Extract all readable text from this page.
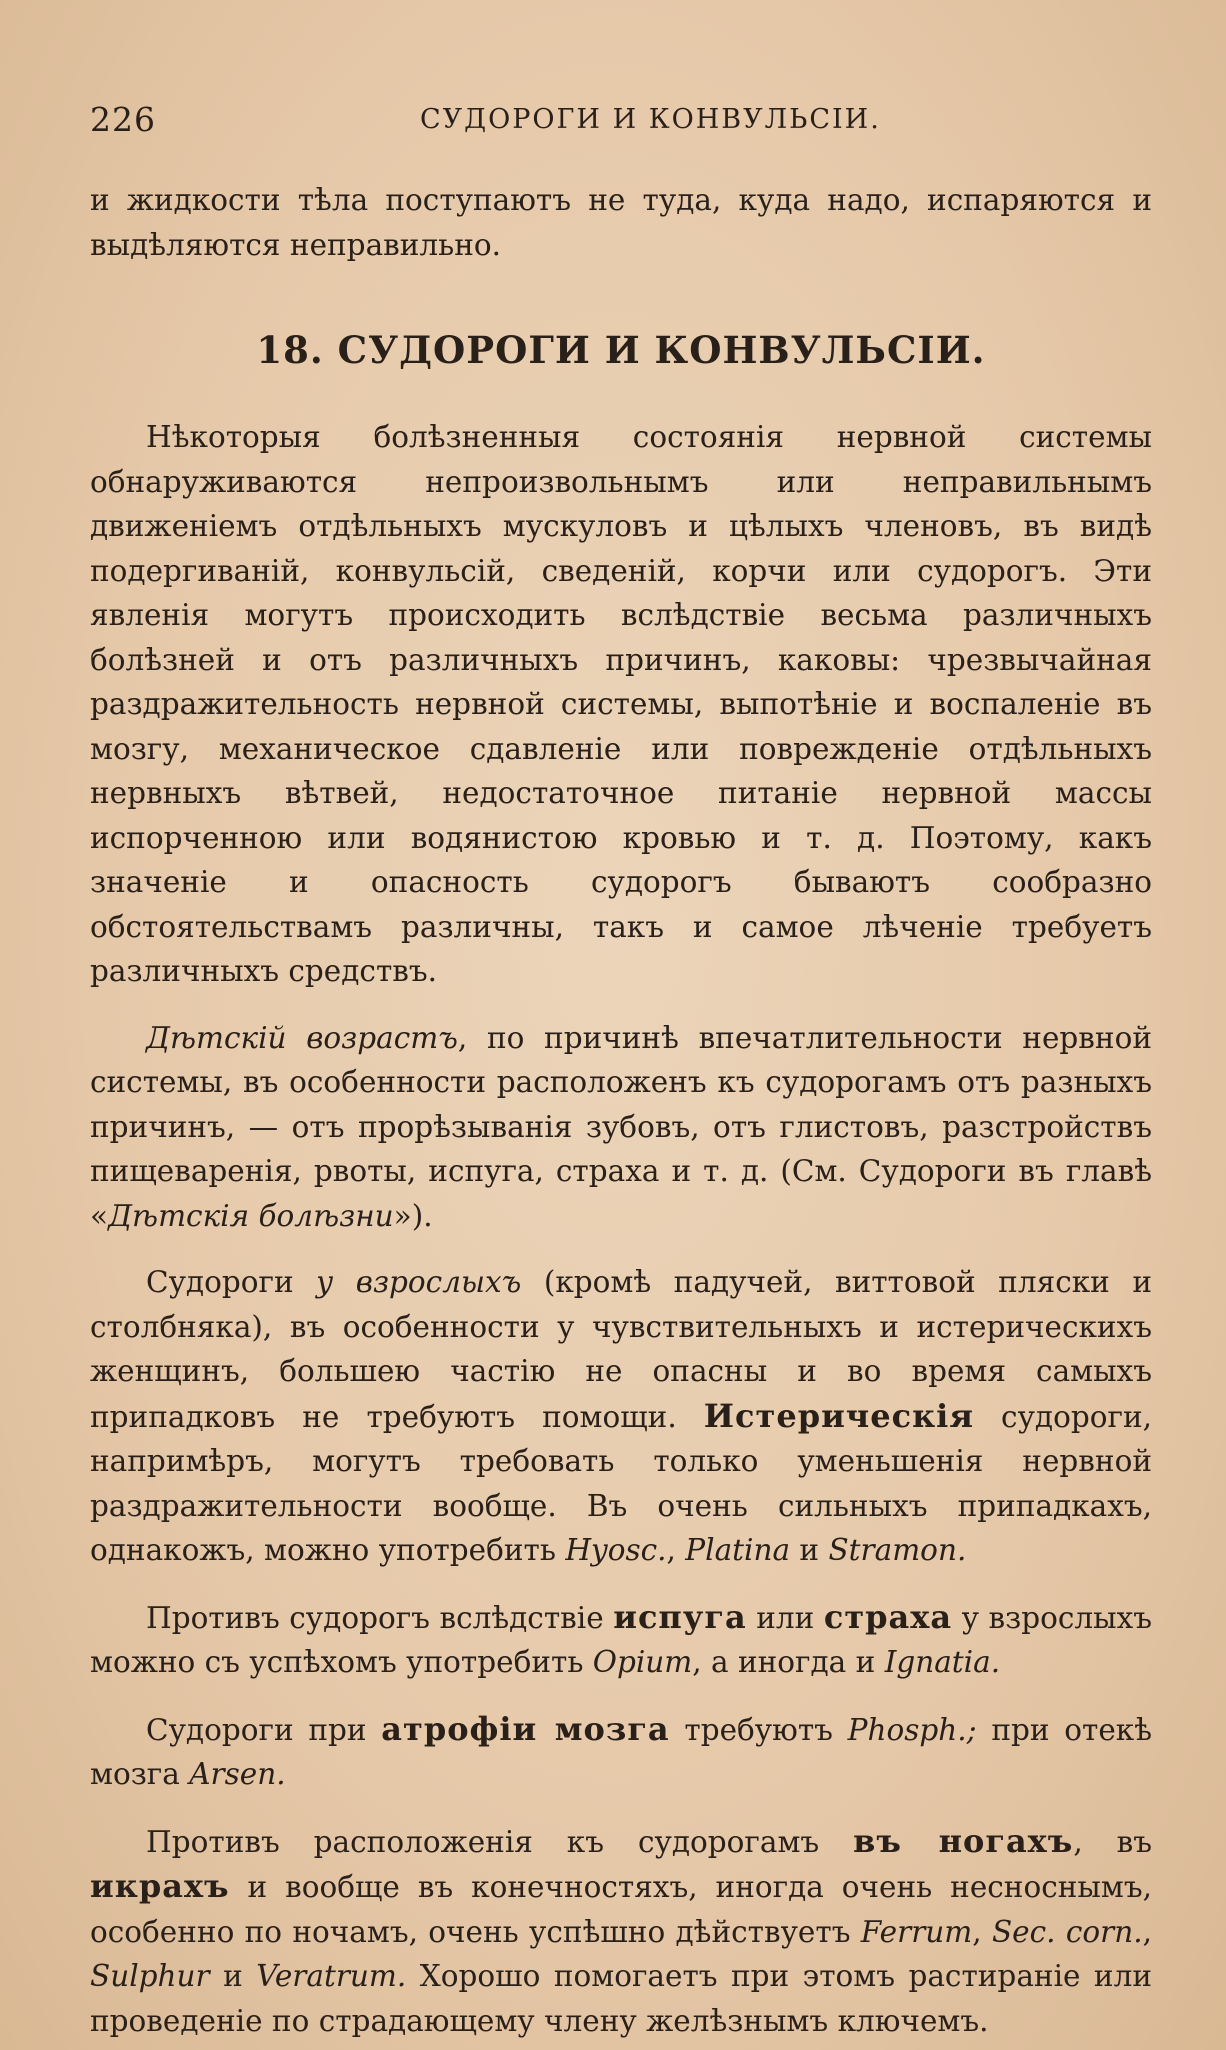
226	СУДОРОГИ И КОНВУЛЬСІИ.

и жидкости тѣла поступаютъ не туда, куда надо, испаряются и выдѣляются неправильно.

18. СУДОРОГИ И КОНВУЛЬСІИ.

Нѣкоторыя болѣзненныя состоянія нервной системы обнаруживаются непроизвольнымъ или неправильнымъ движеніемъ отдѣльныхъ мускуловъ и цѣлыхъ членовъ, въ видѣ подергиваній, конвульсій, сведеній, корчи или судорогъ. Эти явленія могутъ происходить вслѣдствіе весьма различныхъ болѣзней и отъ различныхъ причинъ, каковы: чрезвычайная раздражительность нервной системы, выпотѣніе и воспаленіе въ мозгу, механическое сдавленіе или поврежденіе отдѣльныхъ нервныхъ вѣтвей, недостаточное питаніе нервной массы испорченною или водянистою кровью и т. д. Поэтому, какъ значеніе и опасность судорогъ бываютъ сообразно обстоятельствамъ различны, такъ и самое лѣченіе требуетъ различныхъ средствъ.

Дѣтскій возрастъ, по причинѣ впечатлительности нервной системы, въ особенности расположенъ къ судорогамъ отъ разныхъ причинъ, — отъ прорѣзыванія зубовъ, отъ глистовъ, разстройствъ пищеваренія, рвоты, испуга, страха и т. д. (См. Судороги въ главѣ «Дѣтскія болѣзни»).

Судороги у взрослыхъ (кромѣ падучей, виттовой пляски и столбняка), въ особенности у чувствительныхъ и истерическихъ женщинъ, большею частію не опасны и во время самыхъ припадковъ не требуютъ помощи. Истерическія судороги, напримѣръ, могутъ требовать только уменьшенія нервной раздражительности вообще. Въ очень сильныхъ припадкахъ, однакожъ, можно употребить Hyosc., Platina и Stramon.

Противъ судорогъ вслѣдствіе испуга или страха у взрослыхъ можно съ успѣхомъ употребить Opium, а иногда и Ignatia.

Судороги при атрофіи мозга требуютъ Phosph.; при отекѣ мозга Arsen.

Противъ расположенія къ судорогамъ въ ногахъ, въ икрахъ и вообще въ конечностяхъ, иногда очень несноснымъ, особенно по ночамъ, очень успѣшно дѣйствуетъ Ferrum, Sec. corn., Sulphur и Veratrum. Хорошо помогаетъ при этомъ растираніе или проведеніе по страдающему члену желѣзнымъ ключемъ.
